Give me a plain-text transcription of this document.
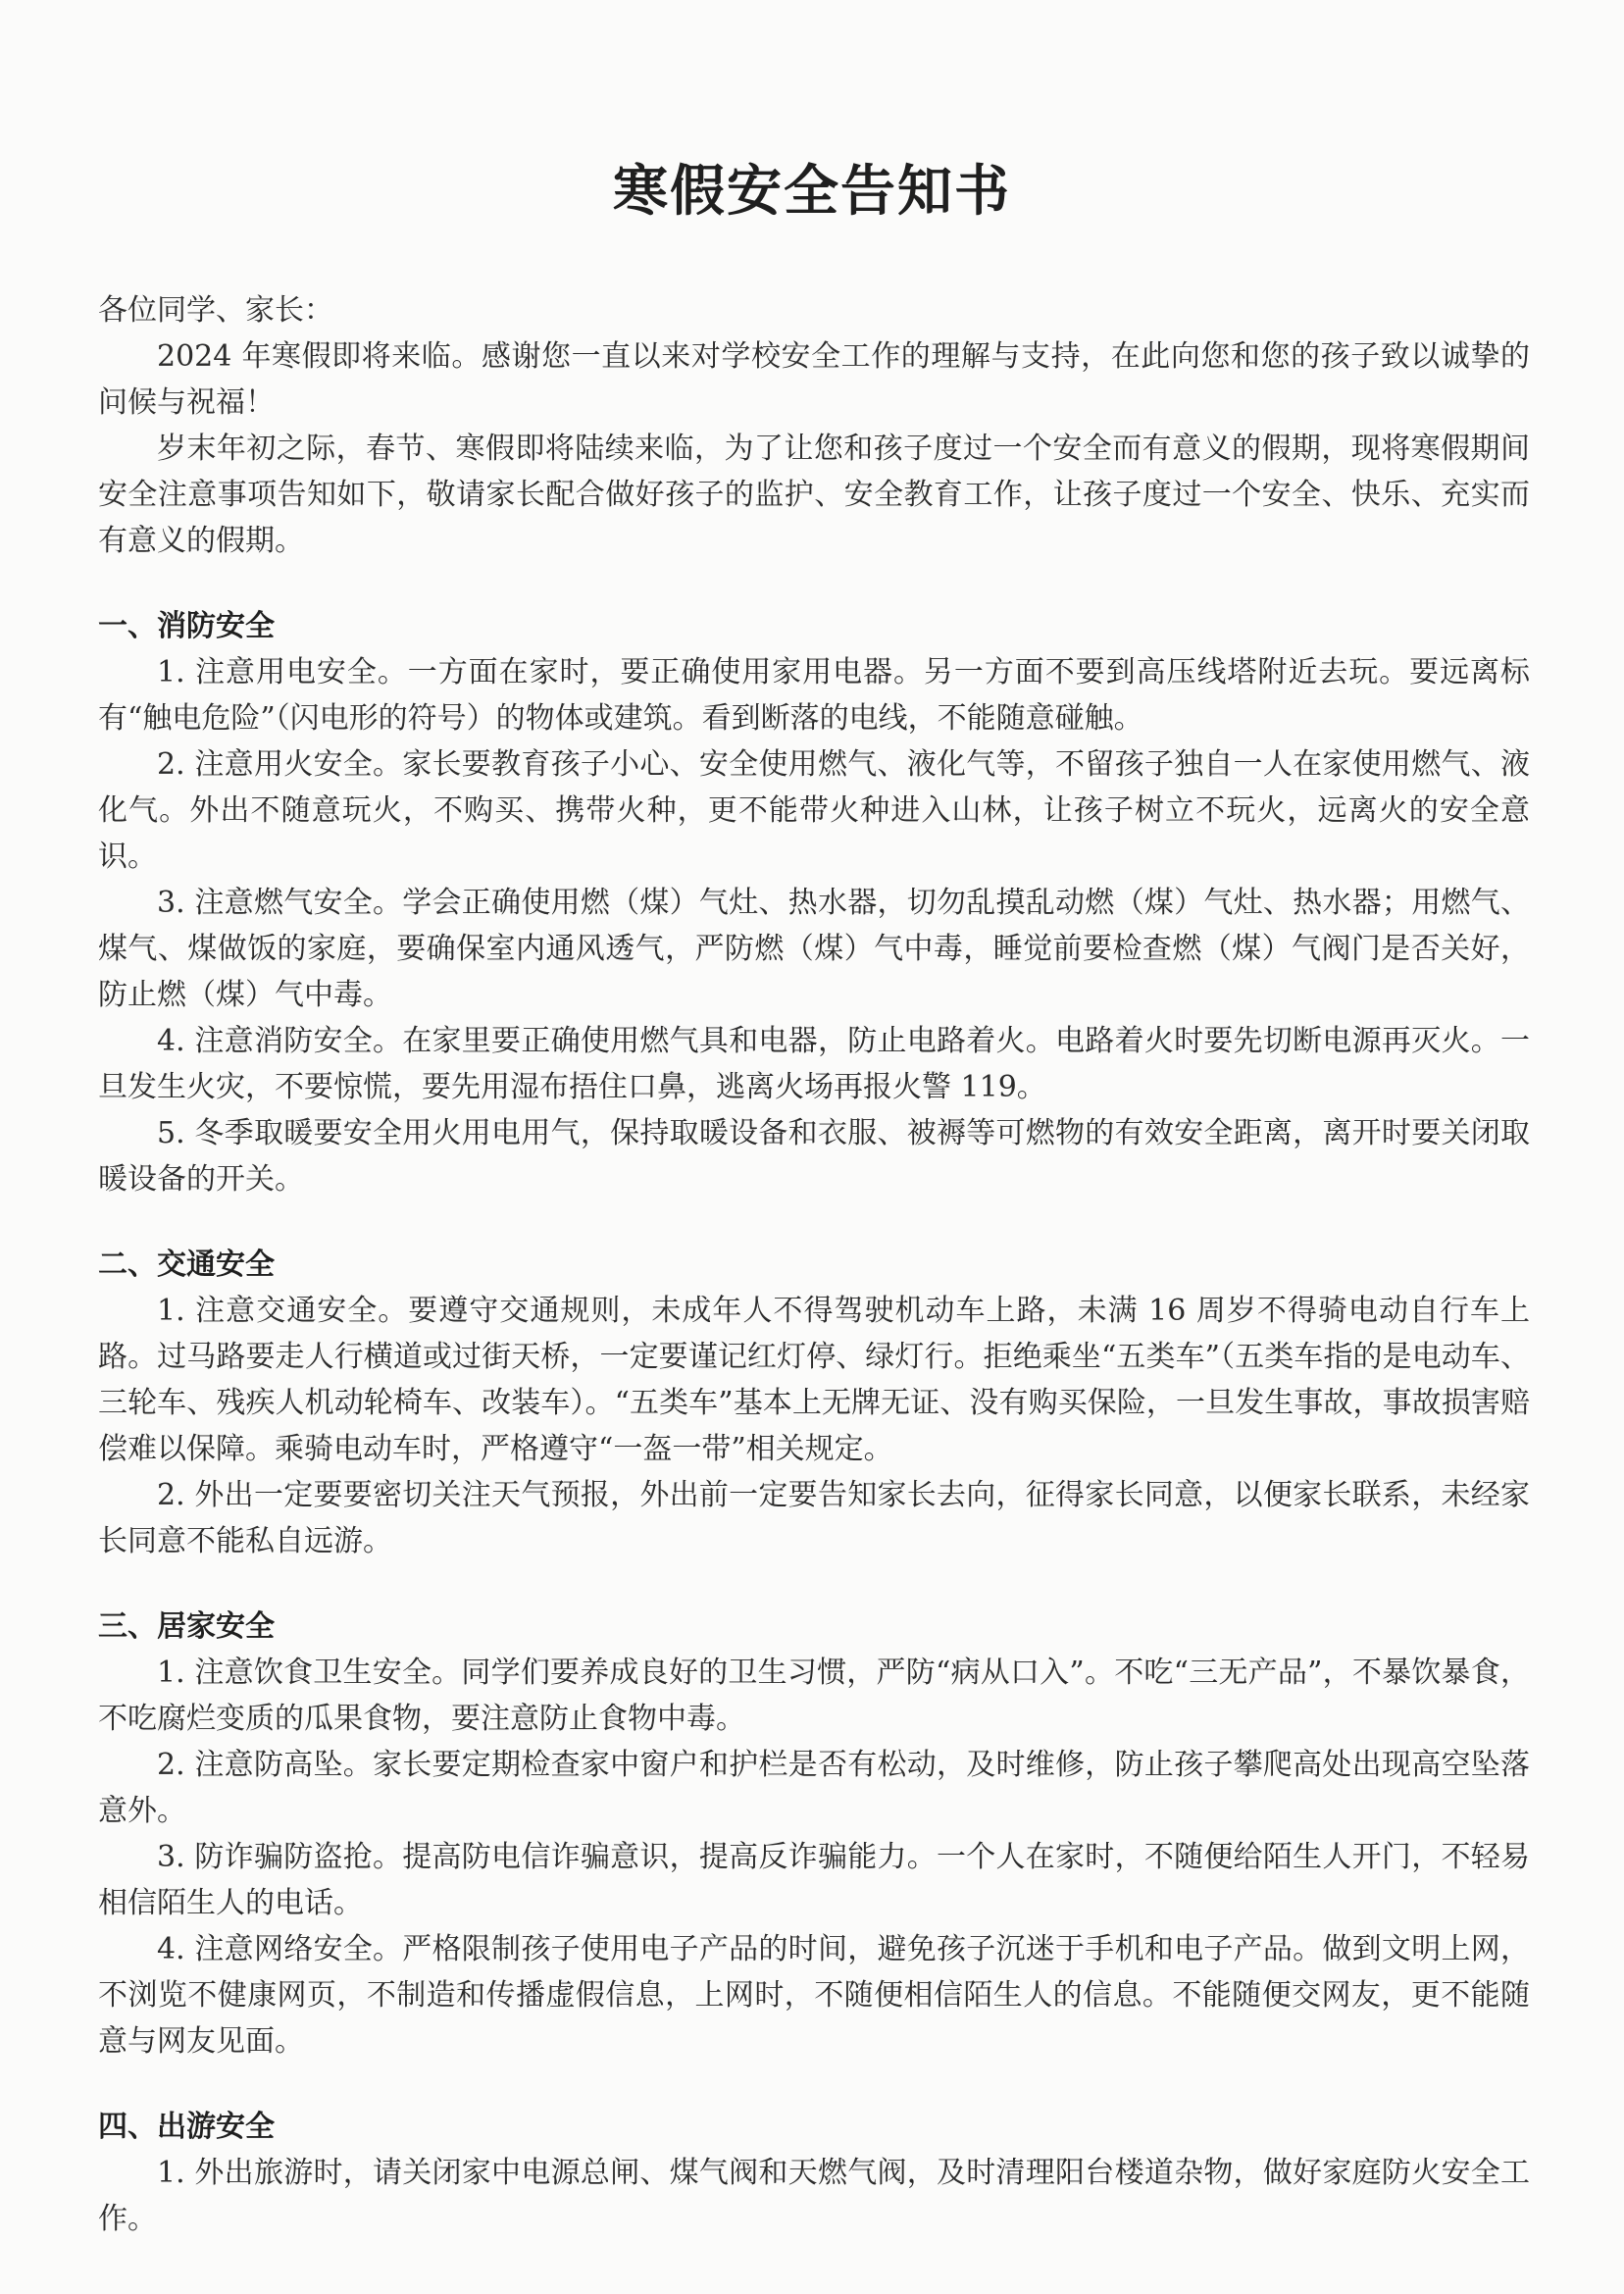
寒假安全告知书

各位同学、家长：

2024 年寒假即将来临。感谢您一直以来对学校安全工作的理解与支持，在此向您和您的孩子致以诚挚的问候与祝福！

岁末年初之际，春节、寒假即将陆续来临，为了让您和孩子度过一个安全而有意义的假期，现将寒假期间安全注意事项告知如下，敬请家长配合做好孩子的监护、安全教育工作，让孩子度过一个安全、快乐、充实而有意义的假期。

一、消防安全

1. 注意用电安全。一方面在家时，要正确使用家用电器。另一方面不要到高压线塔附近去玩。要远离标有“触电危险”（闪电形的符号）的物体或建筑。看到断落的电线，不能随意碰触。

2. 注意用火安全。家长要教育孩子小心、安全使用燃气、液化气等，不留孩子独自一人在家使用燃气、液化气。外出不随意玩火，不购买、携带火种，更不能带火种进入山林，让孩子树立不玩火，远离火的安全意识。

3. 注意燃气安全。学会正确使用燃（煤）气灶、热水器，切勿乱摸乱动燃（煤）气灶、热水器；用燃气、煤气、煤做饭的家庭，要确保室内通风透气，严防燃（煤）气中毒，睡觉前要检查燃（煤）气阀门是否关好，防止燃（煤）气中毒。

4. 注意消防安全。在家里要正确使用燃气具和电器，防止电路着火。电路着火时要先切断电源再灭火。一旦发生火灾，不要惊慌，要先用湿布捂住口鼻，逃离火场再报火警 119。

5. 冬季取暖要安全用火用电用气，保持取暖设备和衣服、被褥等可燃物的有效安全距离，离开时要关闭取暖设备的开关。

二、交通安全

1. 注意交通安全。要遵守交通规则，未成年人不得驾驶机动车上路，未满 16 周岁不得骑电动自行车上路。过马路要走人行横道或过街天桥，一定要谨记红灯停、绿灯行。拒绝乘坐“五类车”（五类车指的是电动车、三轮车、残疾人机动轮椅车、改装车）。“五类车”基本上无牌无证、没有购买保险，一旦发生事故，事故损害赔偿难以保障。乘骑电动车时，严格遵守“一盔一带”相关规定。

2. 外出一定要要密切关注天气预报，外出前一定要告知家长去向，征得家长同意，以便家长联系，未经家长同意不能私自远游。

三、居家安全

1. 注意饮食卫生安全。同学们要养成良好的卫生习惯，严防“病从口入”。不吃“三无产品”，不暴饮暴食，不吃腐烂变质的瓜果食物，要注意防止食物中毒。

2. 注意防高坠。家长要定期检查家中窗户和护栏是否有松动，及时维修，防止孩子攀爬高处出现高空坠落意外。

3. 防诈骗防盗抢。提高防电信诈骗意识，提高反诈骗能力。一个人在家时，不随便给陌生人开门，不轻易相信陌生人的电话。

4. 注意网络安全。严格限制孩子使用电子产品的时间，避免孩子沉迷于手机和电子产品。做到文明上网，不浏览不健康网页，不制造和传播虚假信息，上网时，不随便相信陌生人的信息。不能随便交网友，更不能随意与网友见面。

四、出游安全

1. 外出旅游时，请关闭家中电源总闸、煤气阀和天燃气阀，及时清理阳台楼道杂物，做好家庭防火安全工作。
